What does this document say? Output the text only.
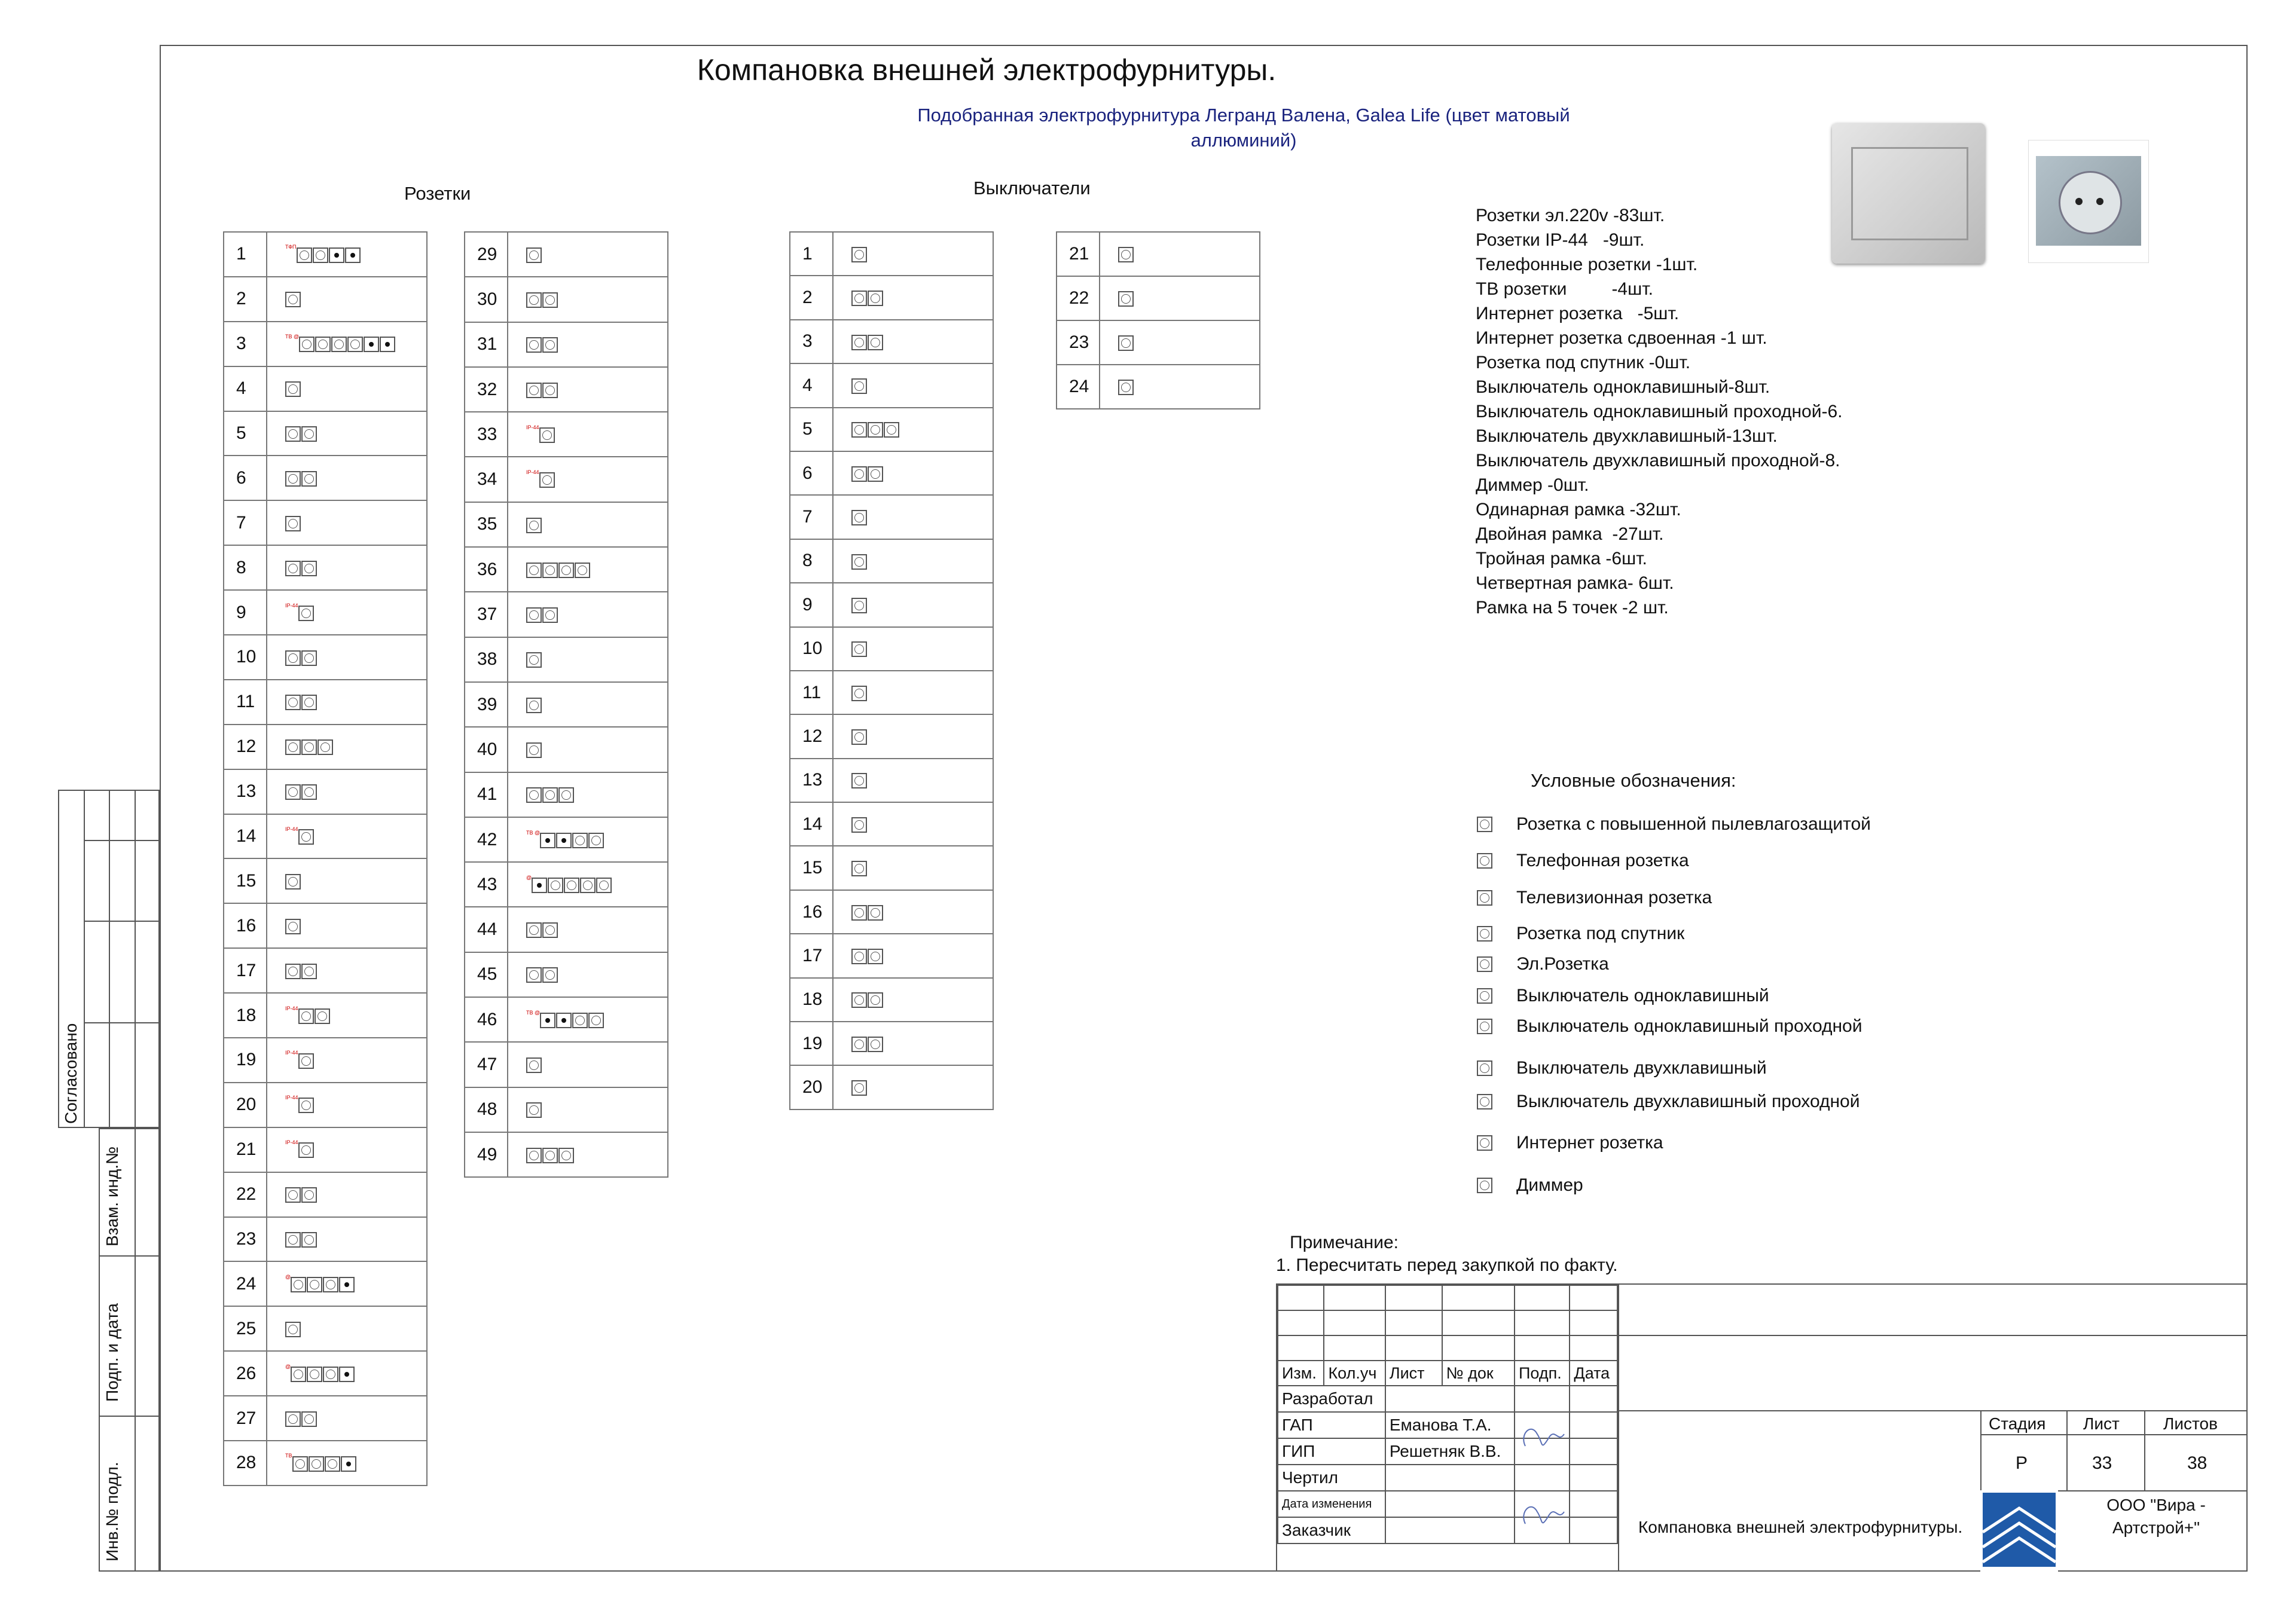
Компановка внешней электрофурнитуры.
Подобранная электрофурнитура Легранд Валена, Galea Life (цвет матовый аллюминий)
Розетки	Выключатели
1	$^{ТФП}$
2	
3	$^{ТВ @}$
4	
5	
6	
7	
8	
9	$^{IP-44}$
10	
11	
12	
13	
14	$^{IP-44}$
15	
16	
17	
18	$^{IP-44}$
19	$^{IP-44}$
20	$^{IP-44}$
21	$^{IP-44}$
22	
23	
24	@
25	
26	@
27	
28	$^{ТВ}$
29	
30	
31	
32	
33	$^{IP-44}$
34	$^{IP-44}$
35	
36	
37	
38	
39	
40	
41	
42	$^{ТВ @}$
43	@
44	
45	
46	$^{ТВ @}$
47	
48	
49	
1	
2	
3	
4	
5	
6	
7	
8	
9	
10	
11	
12	
13	
14	
15	
16	
17	
18	
19	
20	
21	
22	
23	
24	
Розетки эл.220v -83шт.
Розетки IP-44   -9шт.
Телефонные розетки -1шт.
ТВ розетки         -4шт.
Интернет розетка   -5шт.
Интернет розетка сдвоенная -1 шт.
Розетка под спутник -0шт.
Выключатель одноклавишный-8шт.
Выключатель одноклавишный проходной-6.
Выключатель двухклавишный-13шт.
Выключатель двухклавишный проходной-8.
Диммер -0шт.
Одинарная рамка -32шт.
Двойная рамка  -27шт.
Тройная рамка -6шт.
Четвертная рамка- 6шт.
Рамка на 5 точек -2 шт.
Условные обозначения:
Розетка с повышенной пылевлагозащитой
Телефонная розетка
Телевизионная розетка
Розетка под спутник
Эл.Розетка
Выключатель одноклавишный
Выключатель одноклавишный проходной
Выключатель двухклавишный
Выключатель двухклавишный проходной
Интернет розетка
Диммер
Примечание:
1. Пересчитать перед закупкой по факту.
Стадия Лист	Листов
Р	33	38
Компановка внешней электрофурнитуры.
ООО "Вира - Артстрой+"

Изм.	Кол.уч	Лист	№ док	Подп.	Дата
Разработал					
ГАП		Еманова Т.А.			
ГИП		Решетняк В.В.			
Чертил					
Дата изменения					
Заказчик					
Согласовано
Взам. инд.№
Подп. и дата
Инв.№ подл.
